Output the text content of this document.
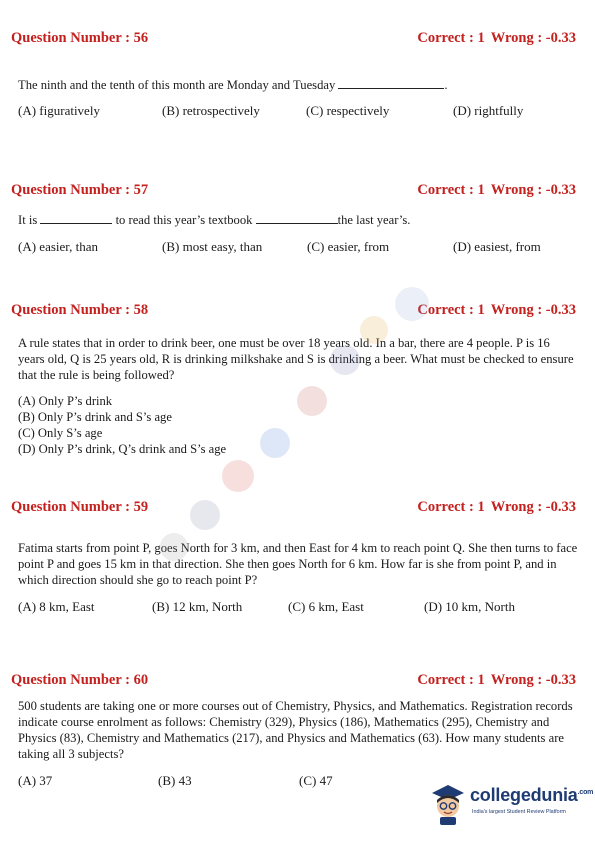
Question Number : 56	Correct : 1 Wrong : -0.33
The ninth and the tenth of this month are Monday and Tuesday	.
(A) figuratively	(B) retrospectively	(C) respectively	(D) rightfully
Question Number : 57	Correct : 1 Wrong : -0.33
It is	to read this year’s textbook	the last year’s.
(A) easier, than	(B) most easy, than	(C) easier, from	(D) easiest, from
Question Number : 58	Correct : 1 Wrong : -0.33
A rule states that in order to drink beer, one must be over 18 years old. In a bar, there are 4 people. P is 16 years old, Q is 25 years old, R is drinking milkshake and S is drinking a beer. What must be checked to ensure that the rule is being followed?
(A) Only P’s drink
(B) Only P’s drink and S’s age
(C) Only S’s age
(D) Only P’s drink, Q’s drink and S’s age
Question Number : 59	Correct : 1 Wrong : -0.33
Fatima starts from point P, goes North for 3 km, and then East for 4 km to reach point Q. She then turns to face point P and goes 15 km in that direction. She then goes North for 6 km. How far is she from point P, and in which direction should she go to reach point P?
(A) 8 km, East	(B) 12 km, North	(C) 6 km, East	(D) 10 km, North
Question Number : 60	Correct : 1 Wrong : -0.33
500 students are taking one or more courses out of Chemistry, Physics, and Mathematics. Registration records indicate course enrolment as follows: Chemistry (329), Physics (186), Mathematics (295), Chemistry and Physics (83), Chemistry and Mathematics (217), and Physics and Mathematics (63). How many students are taking all 3 subjects?
(A) 37	(B) 43	(C) 47
collegedunia$^{.com}$
India's largest Student Review Platform
